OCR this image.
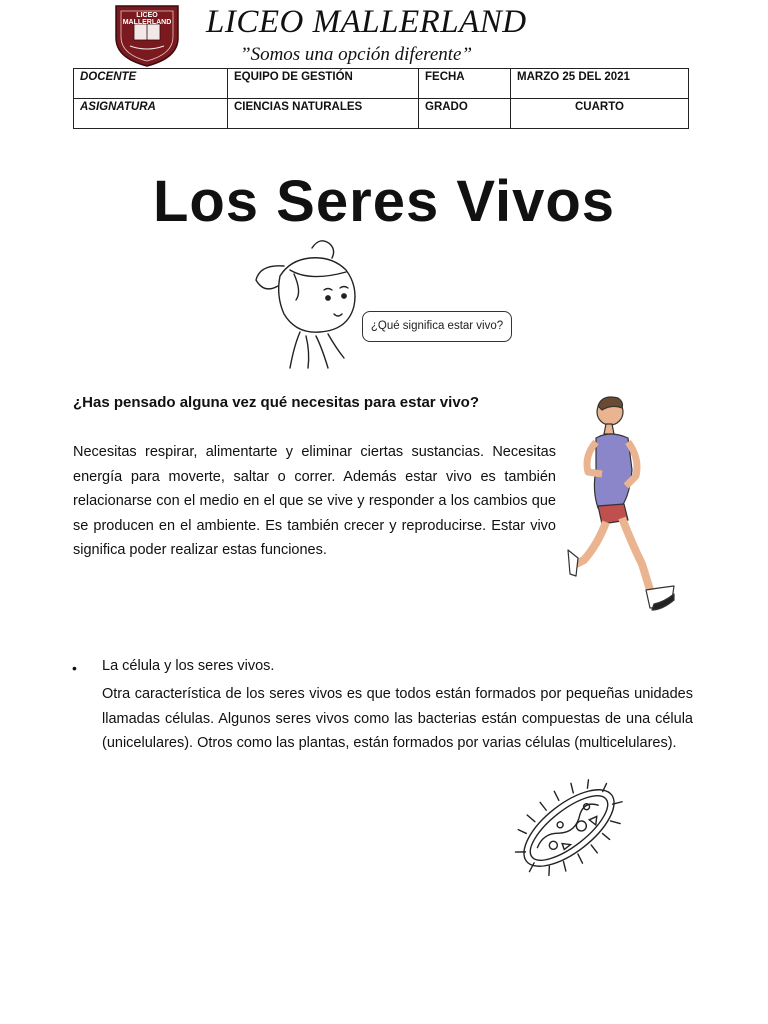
LICEO MALLERLAND	LICEO MALLERLAND
”Somos una opción diferente”
DOCENTE	EQUIPO DE GESTIÓN	FECHA	MARZO 25 DEL 2021
ASIGNATURA	CIENCIAS NATURALES	GRADO	CUARTO
Los Seres Vivos
¿Qué significa estar vivo?
¿Has pensado alguna vez qué necesitas para estar vivo?
Necesitas respirar, alimentarte y eliminar ciertas sustancias. Necesitas energía para moverte, saltar o correr. Además estar vivo es también relacionarse con el medio en el que se vive y responder a los cambios que se producen en el ambiente. Es también crecer y reproducirse. Estar vivo significa poder realizar estas funciones.
• La célula y los seres vivos.
Otra característica de los seres vivos es que todos están formados por pequeñas unidades llamadas células. Algunos seres vivos como las bacterias están compuestas de una célula (unicelulares). Otros como las plantas, están formados por varias células (multicelulares).
